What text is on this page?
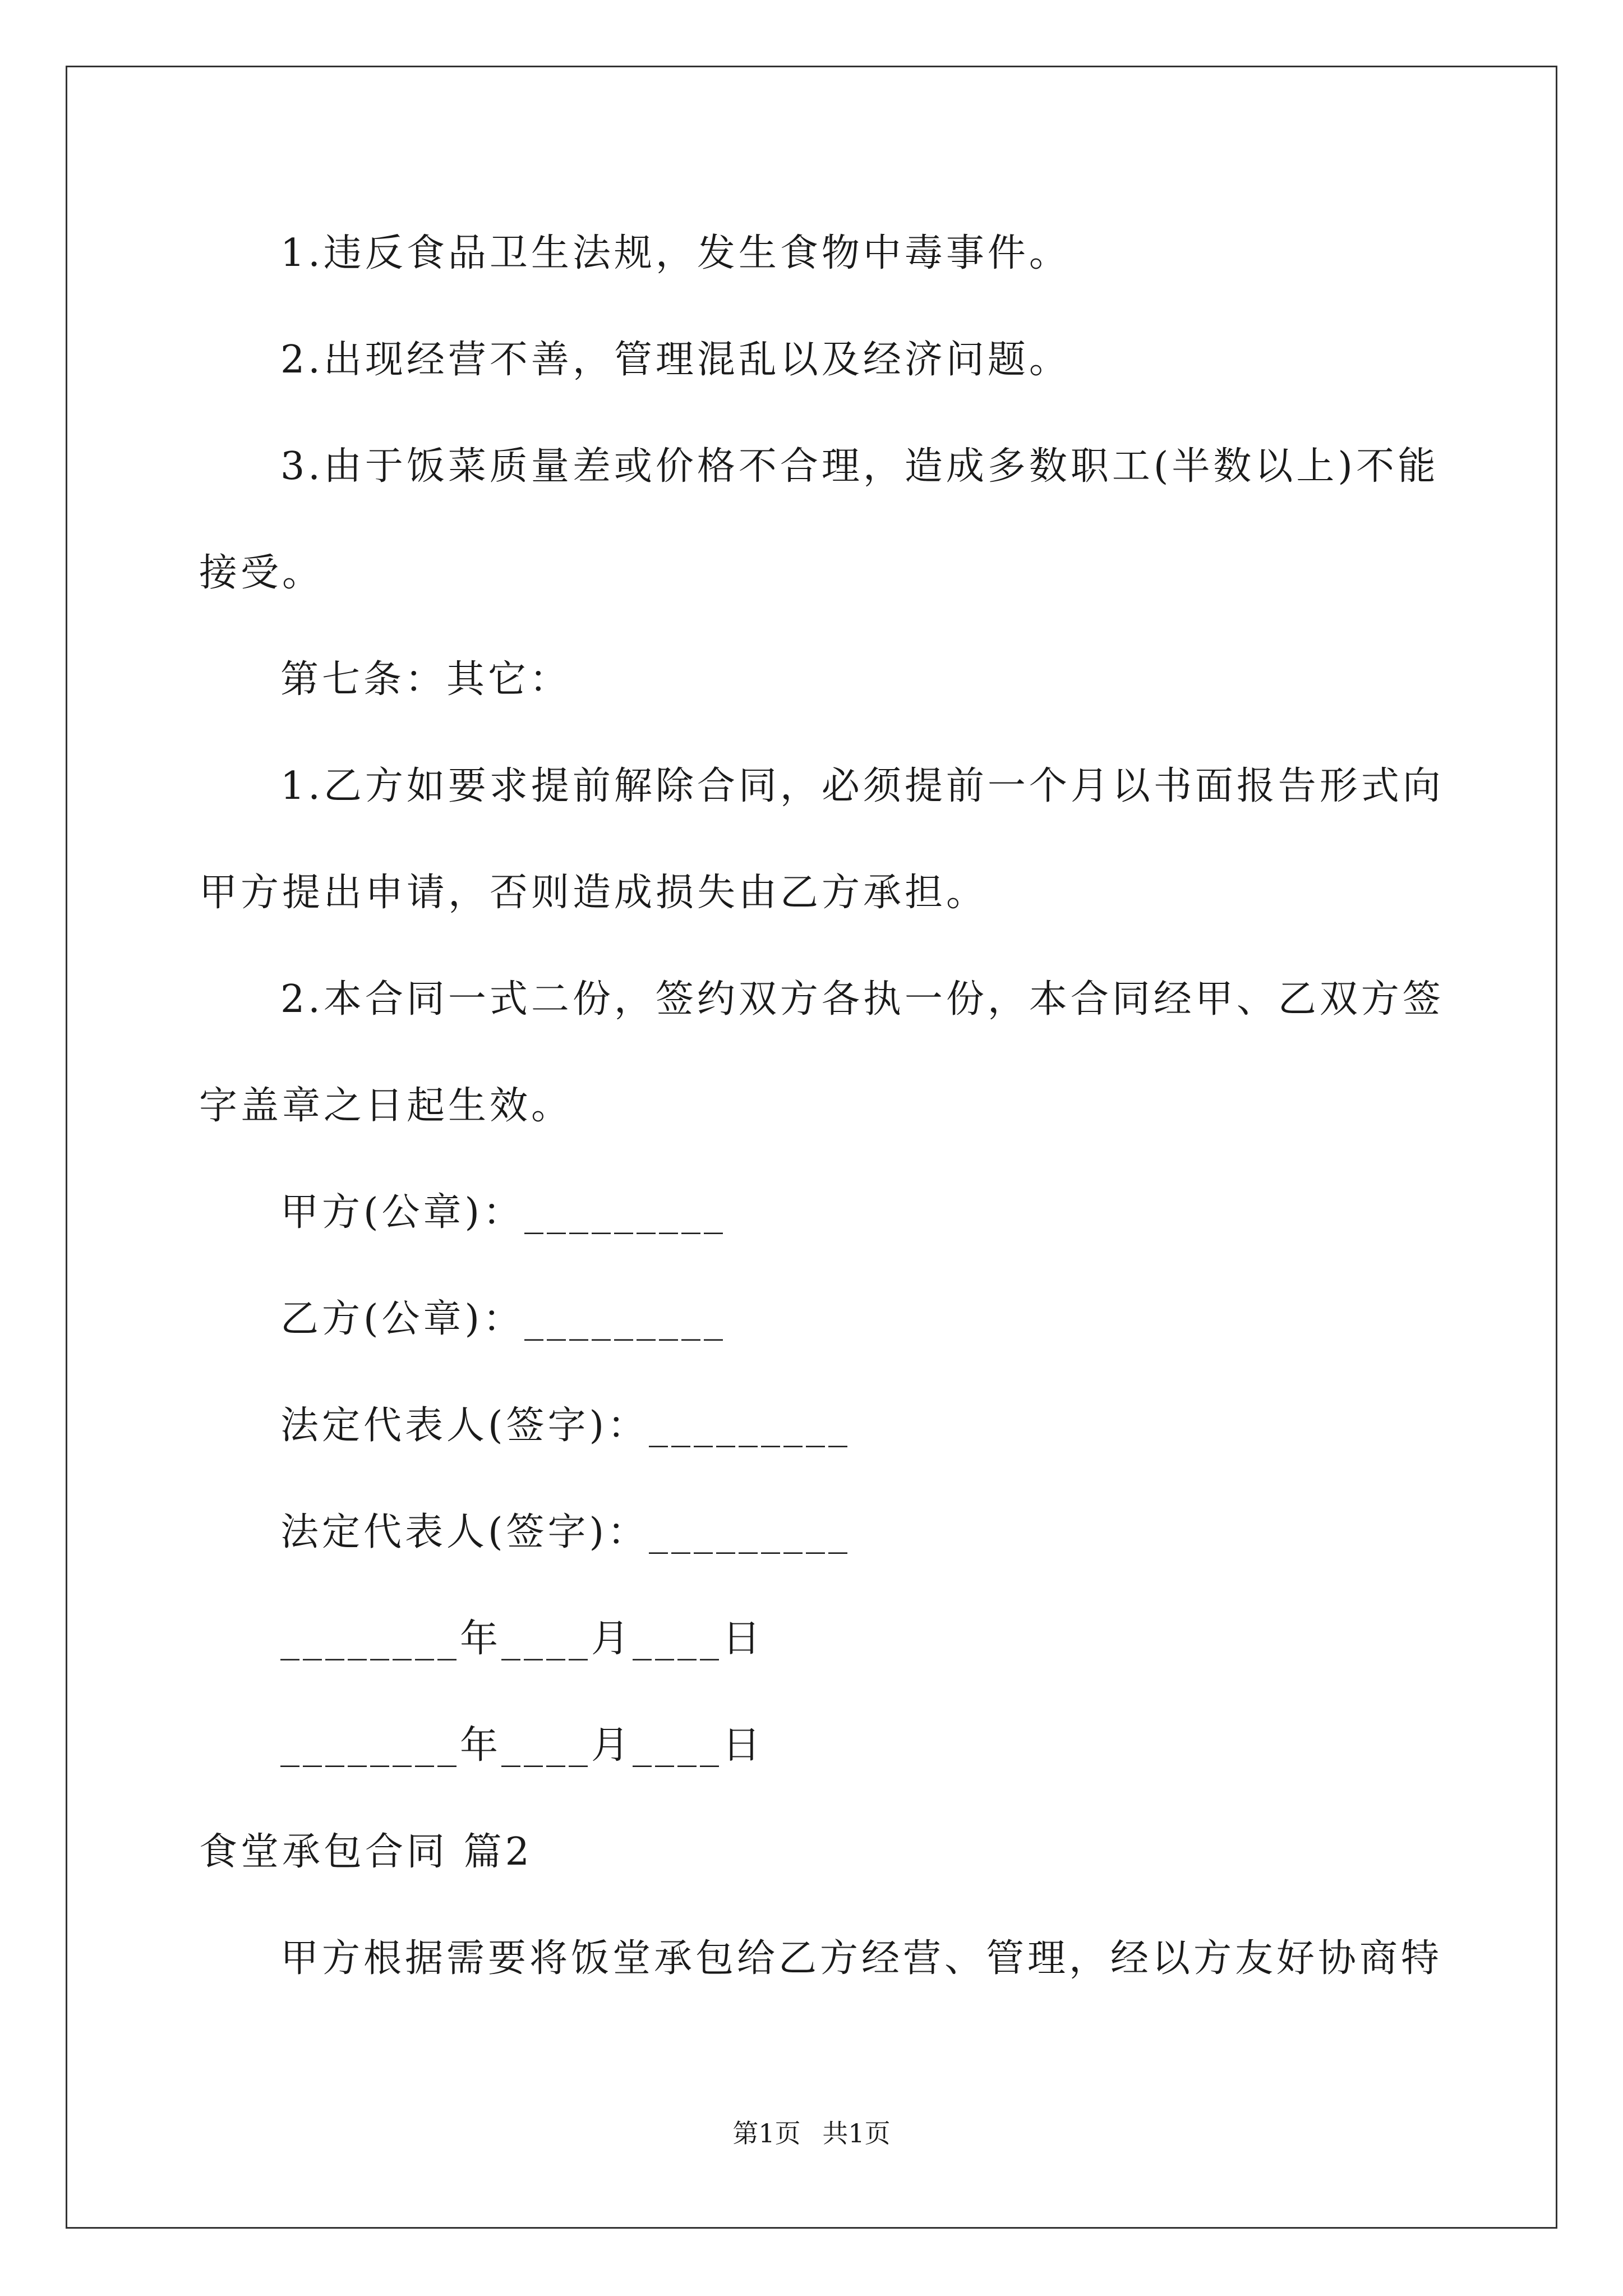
1.违反食品卫生法规，发生食物中毒事件。
2.出现经营不善，管理混乱以及经济问题。
3.由于饭菜质量差或价格不合理，造成多数职工(半数以上)不能
接受。
第七条：其它：
1.乙方如要求提前解除合同，必须提前一个月以书面报告形式向
甲方提出申请，否则造成损失由乙方承担。
2.本合同一式二份，签约双方各执一份，本合同经甲、乙双方签
字盖章之日起生效。
甲方(公章)：_________
乙方(公章)：_________
法定代表人(签字)：_________
法定代表人(签字)：_________
________年____月____日
________年____月____日
食堂承包合同 篇2
甲方根据需要将饭堂承包给乙方经营、管理，经以方友好协商特
第1页 共1页
